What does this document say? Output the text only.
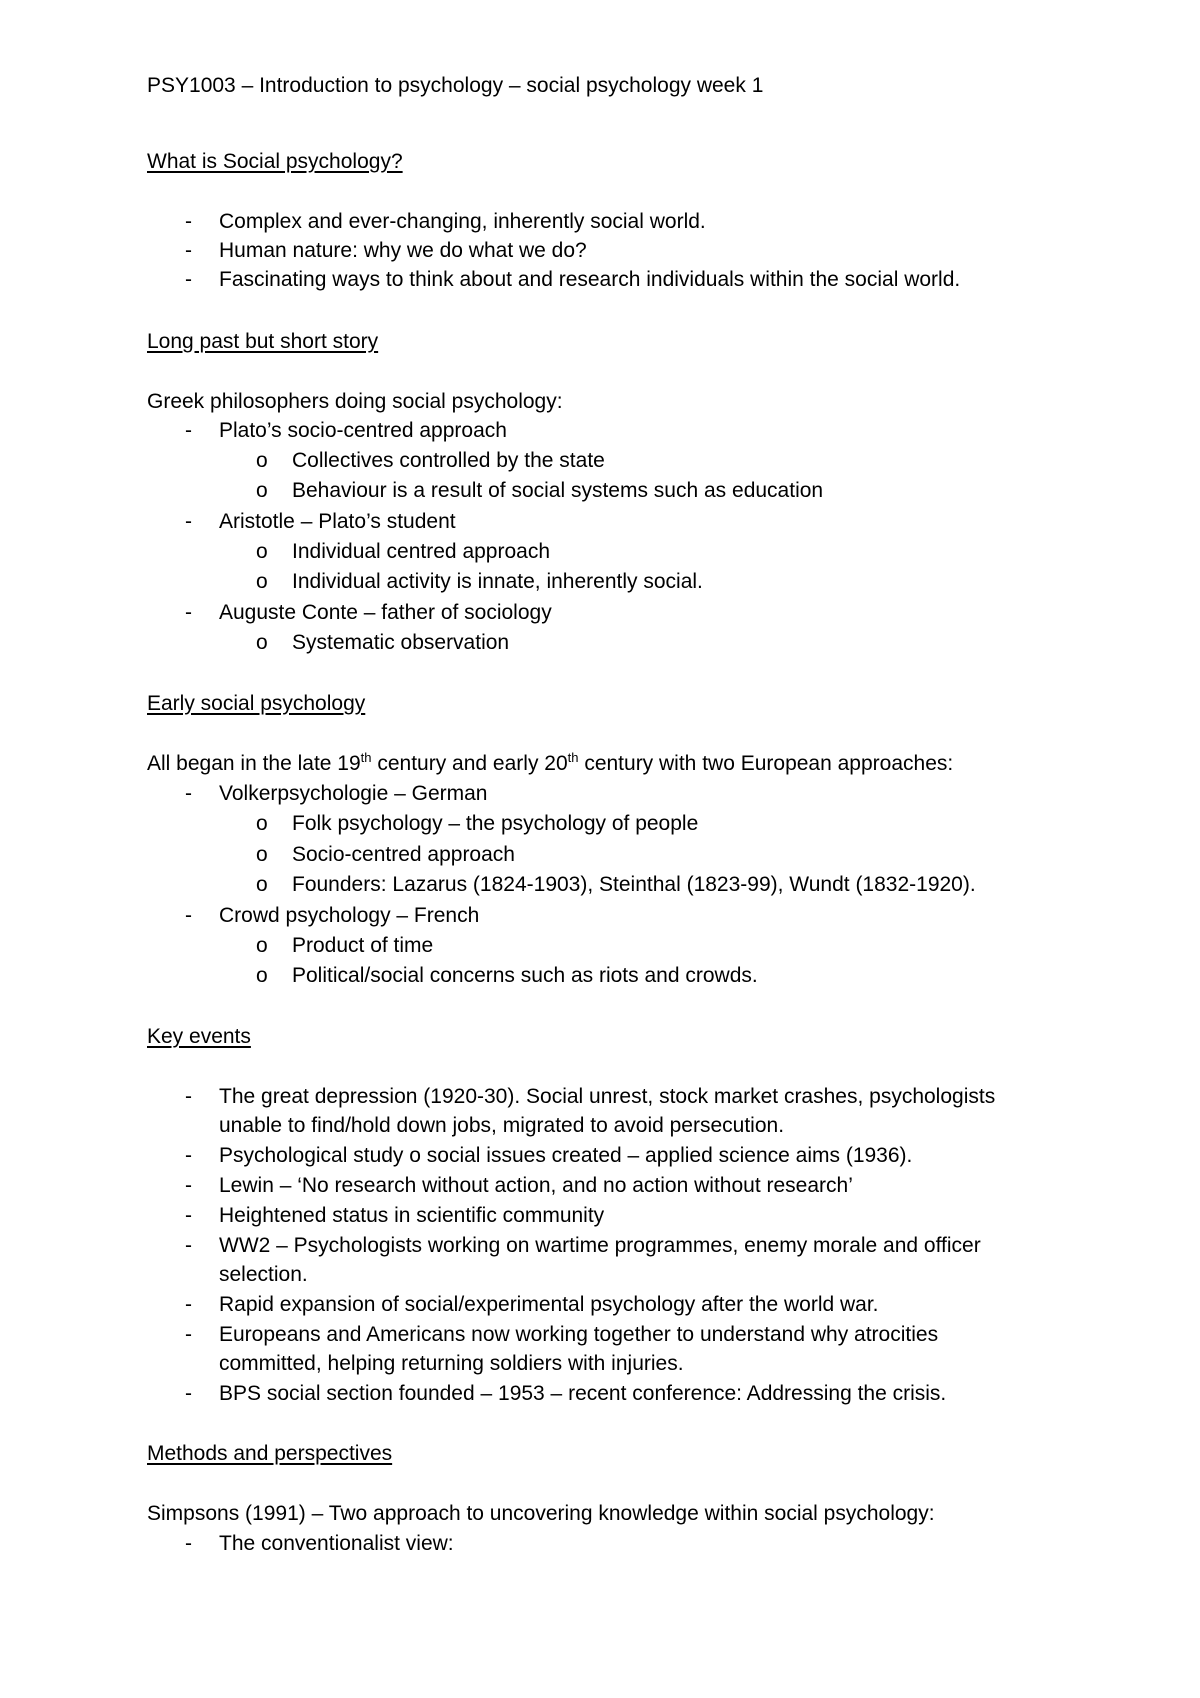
PSY1003 – Introduction to psychology – social psychology week 1
What is Social psychology?
- Complex and ever-changing, inherently social world.
- Human nature: why we do what we do?
- Fascinating ways to think about and research individuals within the social world.
Long past but short story
Greek philosophers doing social psychology:
- Plato’s socio-centred approach
o Collectives controlled by the state
o Behaviour is a result of social systems such as education
- Aristotle – Plato’s student
o Individual centred approach
o Individual activity is innate, inherently social.
- Auguste Conte – father of sociology
o Systematic observation
Early social psychology
All began in the late 19th century and early 20th century with two European approaches:
- Volkerpsychologie – German
o Folk psychology – the psychology of people
o Socio-centred approach
o Founders: Lazarus (1824-1903), Steinthal (1823-99), Wundt (1832-1920).
- Crowd psychology – French
o Product of time
o Political/social concerns such as riots and crowds.
Key events
- The great depression (1920-30). Social unrest, stock market crashes, psychologists
unable to find/hold down jobs, migrated to avoid persecution.
- Psychological study o social issues created – applied science aims (1936).
- Lewin – ‘No research without action, and no action without research’
- Heightened status in scientific community
- WW2 – Psychologists working on wartime programmes, enemy morale and officer
selection.
- Rapid expansion of social/experimental psychology after the world war.
- Europeans and Americans now working together to understand why atrocities
committed, helping returning soldiers with injuries.
- BPS social section founded – 1953 – recent conference: Addressing the crisis.
Methods and perspectives
Simpsons (1991) – Two approach to uncovering knowledge within social psychology:
- The conventionalist view:
